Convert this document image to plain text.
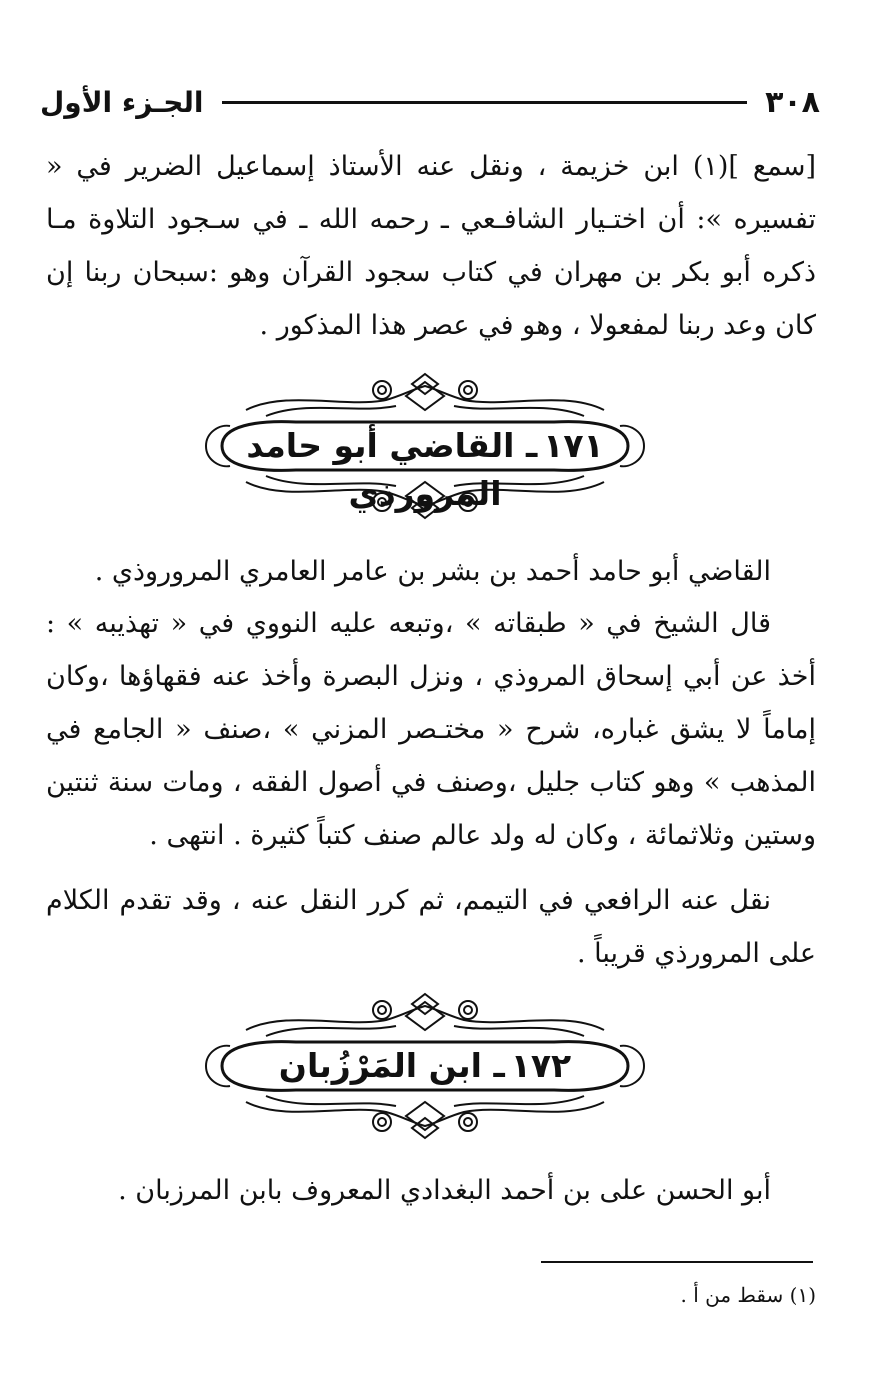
٣٠٨
الجـزء الأول

[سمع ](١) ابن خزيمة ، ونقل عنه الأستاذ إسماعيل الضرير في « تفسيره »: أن اختـيار الشافـعي ـ رحمه الله ـ في سـجود التلاوة مـا ذكره أبو بكر بن مهران في كتاب سجود القرآن وهو :سبحان ربنا إن كان وعد ربنا لمفعولا ، وهو في عصر هذا المذكور .

١٧١ـ القاضي أبو حامد المرورذي

القاضي أبو حامد أحمد بن بشر بن عامر العامري المروروذي .

قال الشيخ في « طبقاته » ،وتبعه عليه النووي في « تهذيبه » : أخذ عن أبي إسحاق المروذي ، ونزل البصرة وأخذ عنه فقهاؤها ،وكان إماماً لا يشق غباره، شرح « مختـصر المزني » ،صنف « الجامع في المذهب » وهو كتاب جليل ،وصنف في أصول الفقه ، ومات سنة ثنتين وستين وثلاثمائة ، وكان له ولد عالم صنف كتباً كثيرة . انتهى .

نقل عنه الرافعي في التيمم، ثم كرر النقل عنه ، وقد تقدم الكلام على المرورذي قريباً .

١٧٢ـ ابن المَرْزُبان

أبو الحسن على بن أحمد البغدادي المعروف بابن المرزبان .

(١) سقط من أ .
